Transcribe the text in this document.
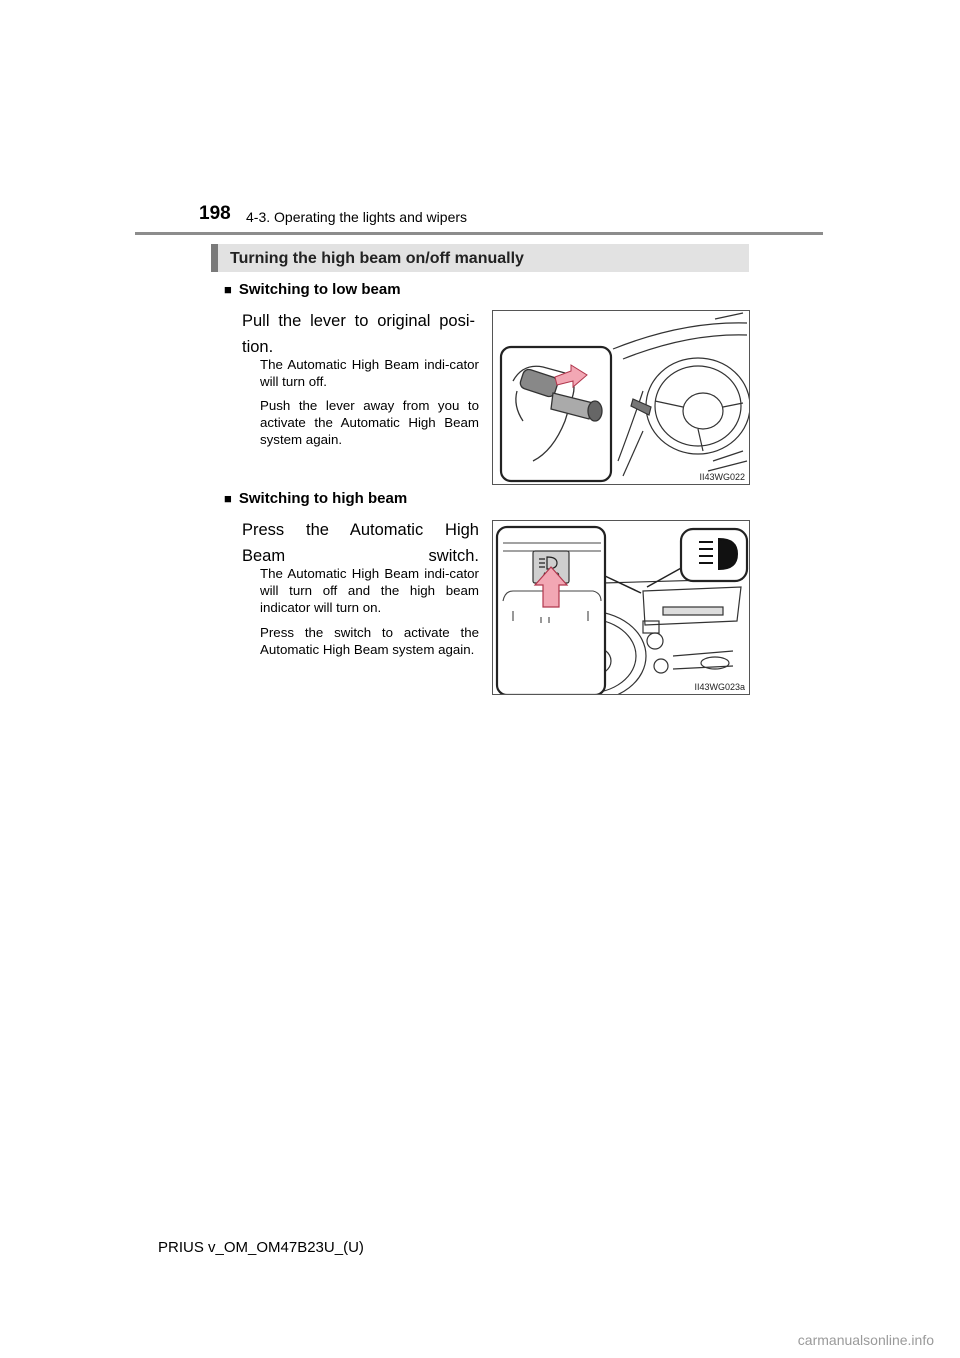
198 4-3. Operating the lights and wipers
Turning the high beam on/off manually
■ Switching to low beam
Pull the lever to original posi-
tion.
The Automatic High Beam indi-cator will turn off.
Push the lever away from you to activate the Automatic High Beam system again.
II43WG022
■ Switching to high beam
Press the Automatic High
Beam switch.
The Automatic High Beam indi-cator will turn off and the high beam indicator will turn on.
Press the switch to activate the Automatic High Beam system again.
II43WG023a
PRIUS v_OM_OM47B23U_(U)
carmanualsonline.info
